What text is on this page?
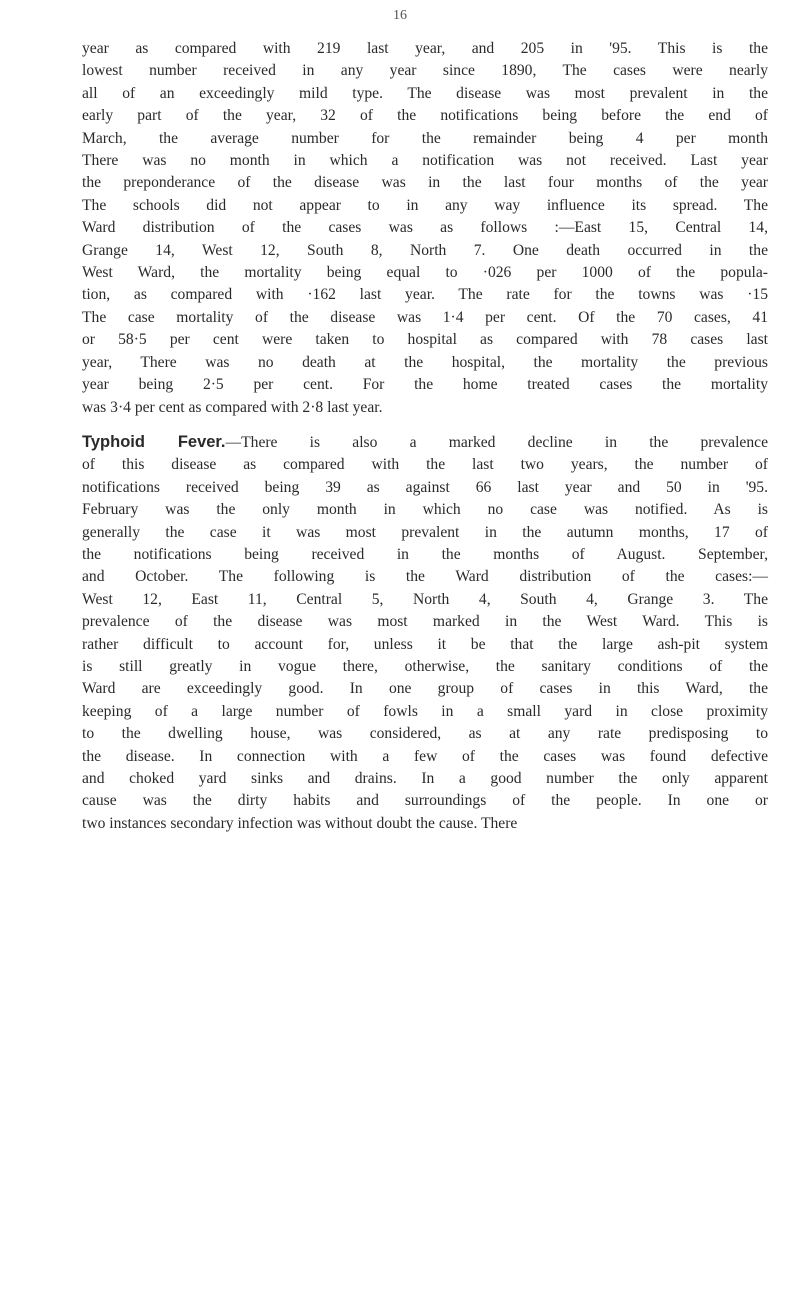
16

year as compared with 219 last year, and 205 in '95. This is the
lowest number received in any year since 1890, The cases were nearly
all of an exceedingly mild type. The disease was most prevalent in the
early part of the year, 32 of the notifications being before the end of
March, the average number for the remainder being 4 per month
There was no month in which a notification was not received. Last year
the preponderance of the disease was in the last four months of the year
The schools did not appear to in any way influence its spread. The
Ward distribution of the cases was as follows :—East 15, Central 14,
Grange 14, West 12, South 8, North 7. One death occurred in the
West Ward, the mortality being equal to ·026 per 1000 of the popula-
tion, as compared with ·162 last year. The rate for the towns was ·15
The case mortality of the disease was 1·4 per cent. Of the 70 cases, 41
or 58·5 per cent were taken to hospital as compared with 78 cases last
year, There was no death at the hospital, the mortality the previous
year being 2·5 per cent. For the home treated cases the mortality
was 3·4 per cent as compared with 2·8 last year.

Typhoid Fever.—There is also a marked decline in the prevalence
of this disease as compared with the last two years, the number of
notifications received being 39 as against 66 last year and 50 in '95.
February was the only month in which no case was notified. As is
generally the case it was most prevalent in the autumn months, 17 of
the notifications being received in the months of August. September,
and October. The following is the Ward distribution of the cases:—
West 12, East 11, Central 5, North 4, South 4, Grange 3. The
prevalence of the disease was most marked in the West Ward. This is
rather difficult to account for, unless it be that the large ash-pit system
is still greatly in vogue there, otherwise, the sanitary conditions of the
Ward are exceedingly good. In one group of cases in this Ward, the
keeping of a large number of fowls in a small yard in close proximity
to the dwelling house, was considered, as at any rate predisposing to
the disease. In connection with a few of the cases was found defective
and choked yard sinks and drains. In a good number the only apparent
cause was the dirty habits and surroundings of the people. In one or
two instances secondary infection was without doubt the cause. There
